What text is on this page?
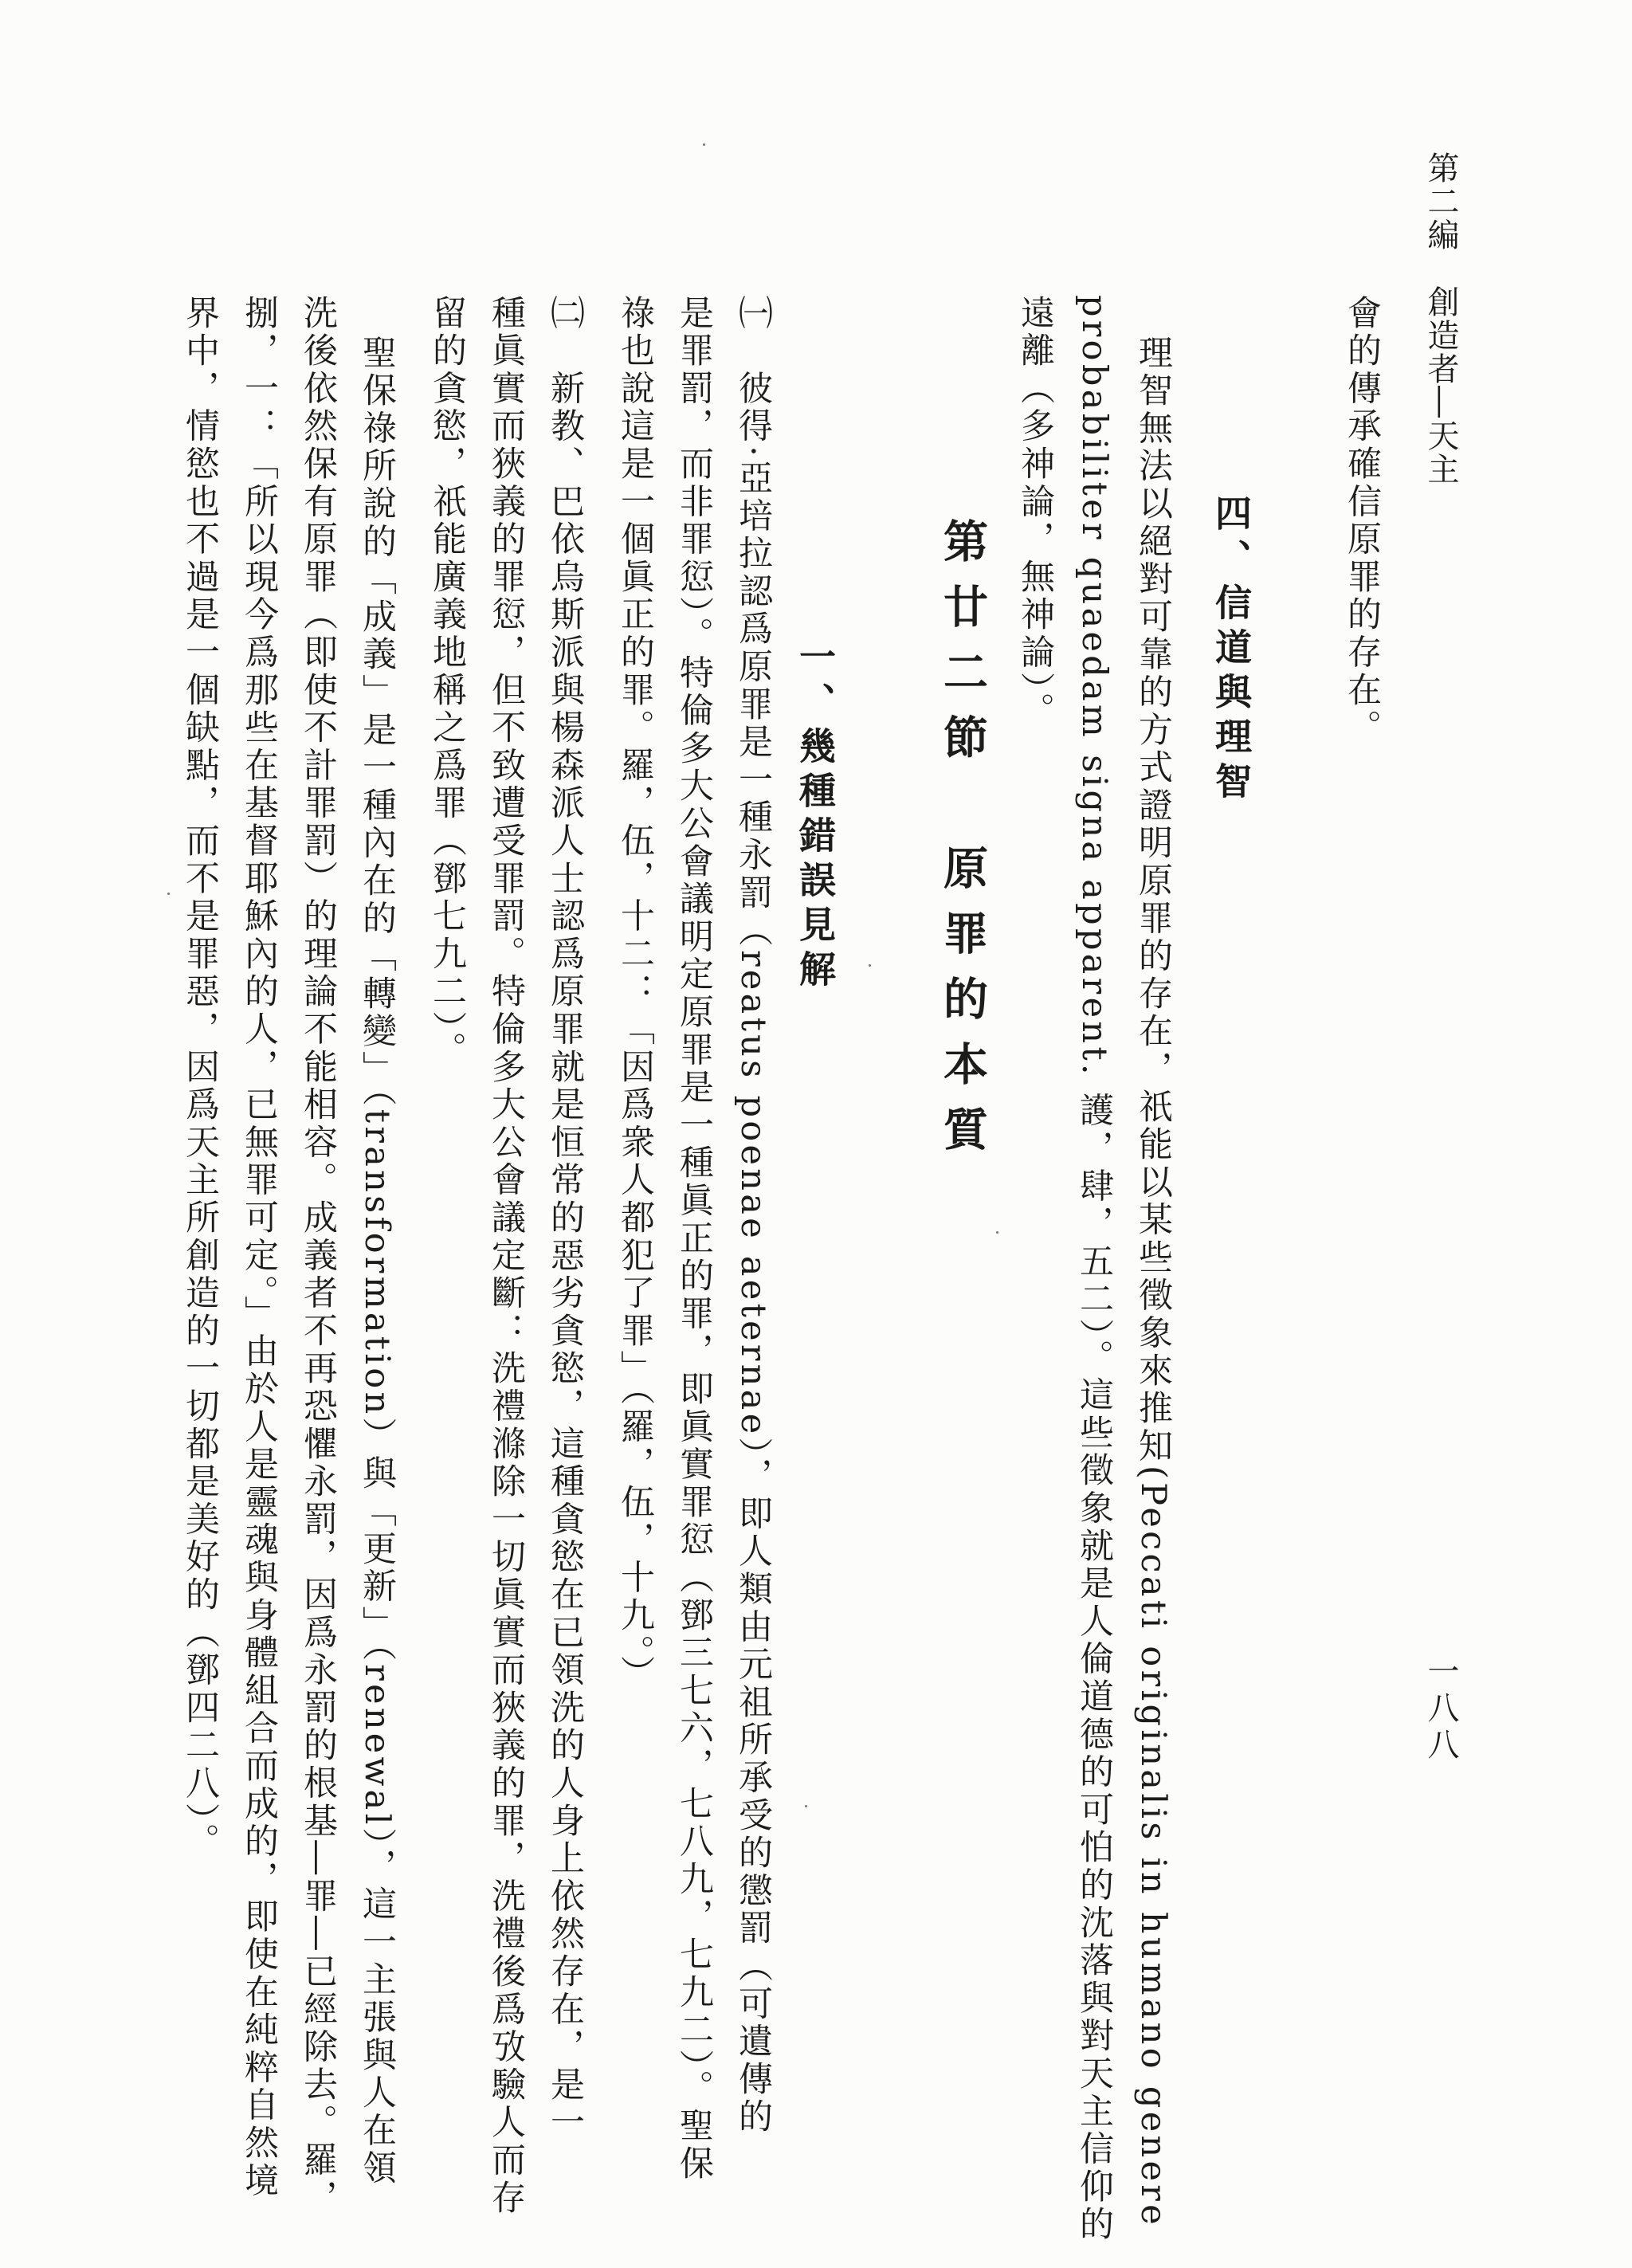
第二編　創造者―天主
一八八
會的傳承確信原罪的存在。
四、信道與理智
理智無法以絕對可靠的方式證明原罪的存在，祇能以某些徵象來推知(Peccati originalis in humano genere
probabiliter quaedam signa apparent. 護，肆，五二）。這些徵象就是人倫道德的可怕的沈落與對天主信仰的
遠離（多神論，無神論）。
第廿二節　原罪的本質
一、幾種錯誤見解
㈠　彼得·亞培拉認爲原罪是一種永罰（reatus poenae aeternae），即人類由元祖所承受的懲罰（可遺傳的
是罪罰，而非罪愆）。特倫多大公會議明定原罪是一種眞正的罪，即眞實罪愆（鄧三七六，七八九，七九二）。聖保
祿也說這是一個眞正的罪。羅，伍，十二：「因爲衆人都犯了罪」（羅，伍，十九。）
㈡　新教、巴依烏斯派與楊森派人士認爲原罪就是恒常的惡劣貪慾，這種貪慾在已領洗的人身上依然存在，是一
種眞實而狹義的罪愆，但不致遭受罪罰。特倫多大公會議定斷：洗禮滌除一切眞實而狹義的罪，洗禮後爲攷驗人而存
留的貪慾，祇能廣義地稱之爲罪（鄧七九二）。
聖保祿所說的「成義」是一種內在的「轉變」（transformation）與「更新」（renewal），這一主張與人在領
洗後依然保有原罪（即使不計罪罰）的理論不能相容。成義者不再恐懼永罰，因爲永罰的根基―罪―已經除去。羅，
捌，一：「所以現今爲那些在基督耶穌內的人，已無罪可定。」由於人是靈魂與身體組合而成的，即使在純粹自然境
界中，情慾也不過是一個缺點，而不是罪惡，因爲天主所創造的一切都是美好的（鄧四二八）。
